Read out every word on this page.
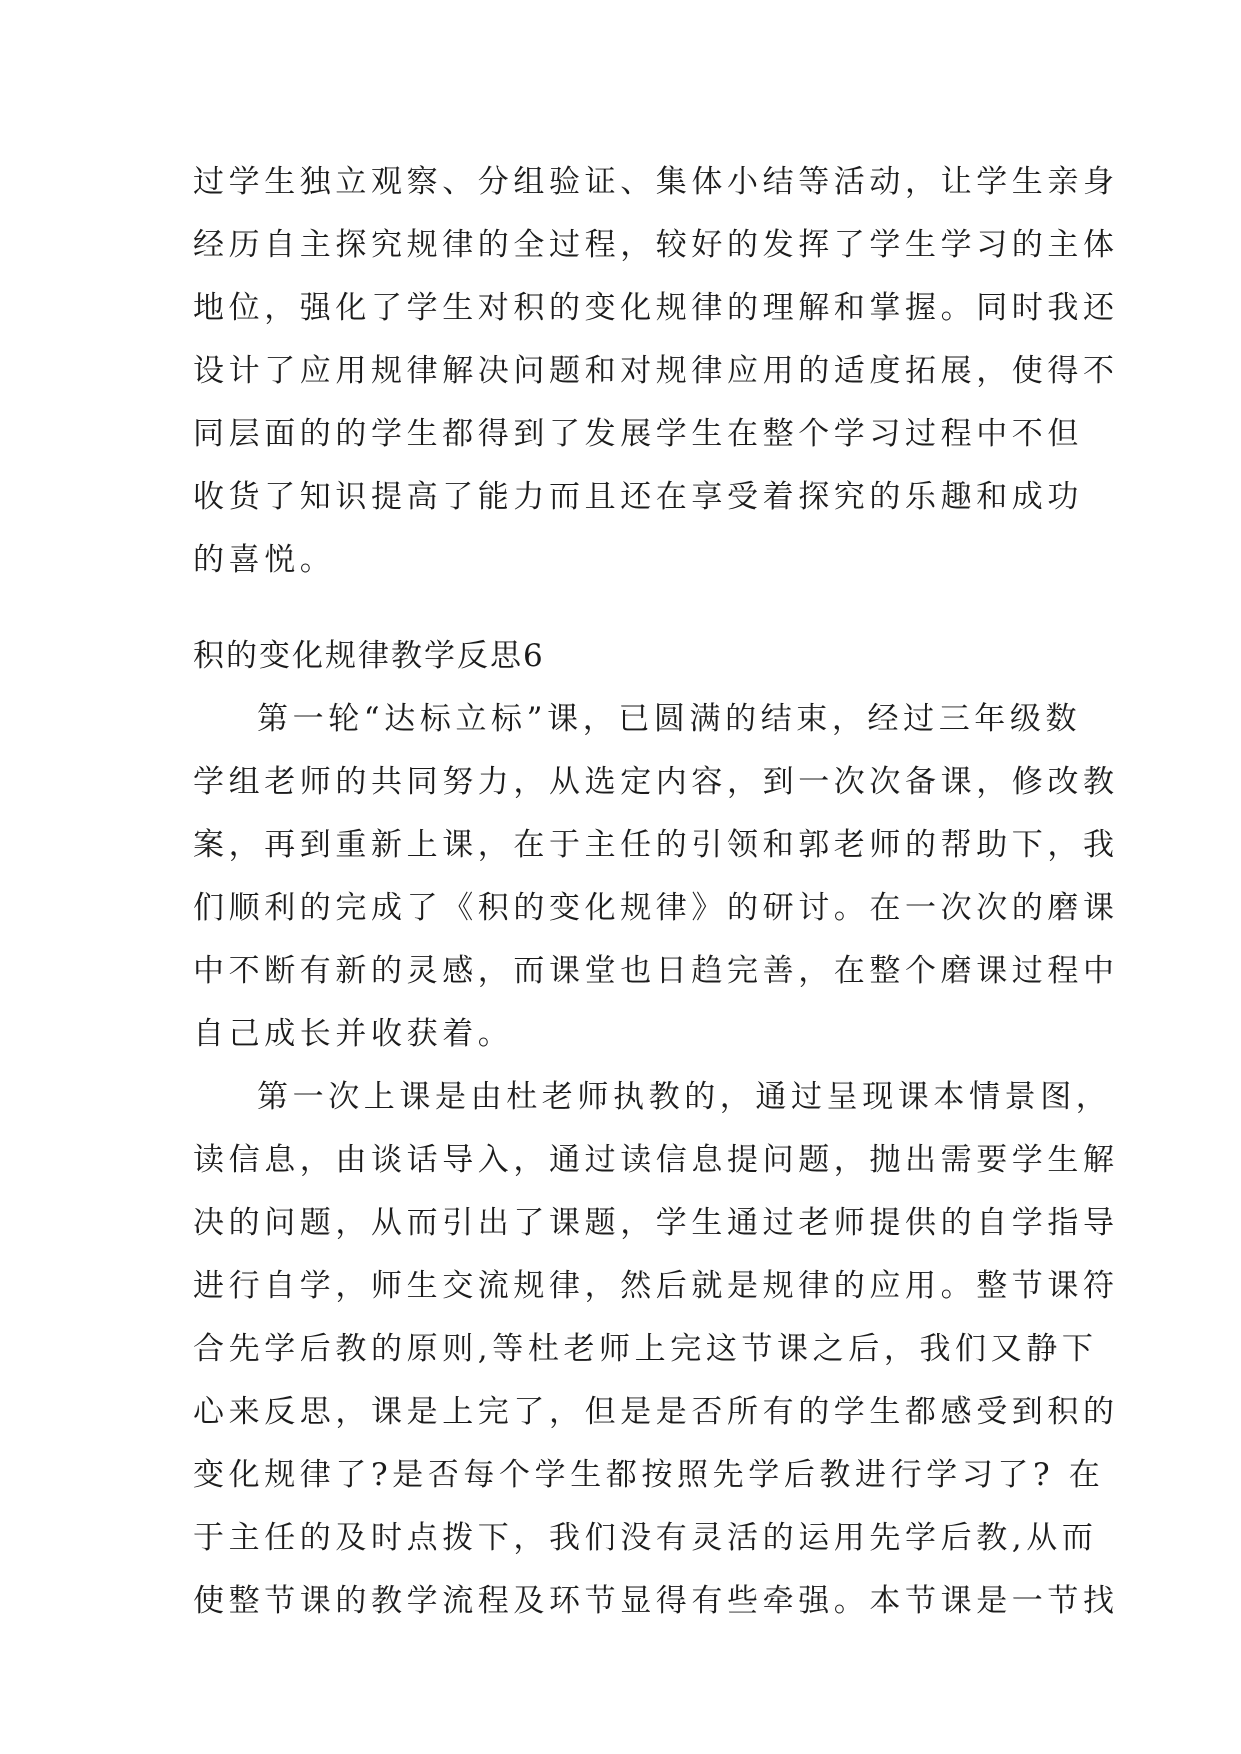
过学生独立观察、分组验证、集体小结等活动，让学生亲身
经历自主探究规律的全过程，较好的发挥了学生学习的主体
地位，强化了学生对积的变化规律的理解和掌握。同时我还
设计了应用规律解决问题和对规律应用的适度拓展，使得不
同层面的的学生都得到了发展学生在整个学习过程中不但
收货了知识提高了能力而且还在享受着探究的乐趣和成功
的喜悦。
积的变化规律教学反思6
第一轮“达标立标”课，已圆满的结束，经过三年级数
学组老师的共同努力，从选定内容，到一次次备课，修改教
案，再到重新上课，在于主任的引领和郭老师的帮助下，我
们顺利的完成了《积的变化规律》的研讨。在一次次的磨课
中不断有新的灵感，而课堂也日趋完善，在整个磨课过程中
自己成长并收获着。
第一次上课是由杜老师执教的，通过呈现课本情景图，
读信息，由谈话导入，通过读信息提问题，抛出需要学生解
决的问题，从而引出了课题，学生通过老师提供的自学指导
进行自学，师生交流规律，然后就是规律的应用。整节课符
合先学后教的原则,等杜老师上完这节课之后，我们又静下
心来反思，课是上完了，但是是否所有的学生都感受到积的
变化规律了?是否每个学生都按照先学后教进行学习了? 在
于主任的及时点拨下，我们没有灵活的运用先学后教,从而
使整节课的教学流程及环节显得有些牵强。本节课是一节找
